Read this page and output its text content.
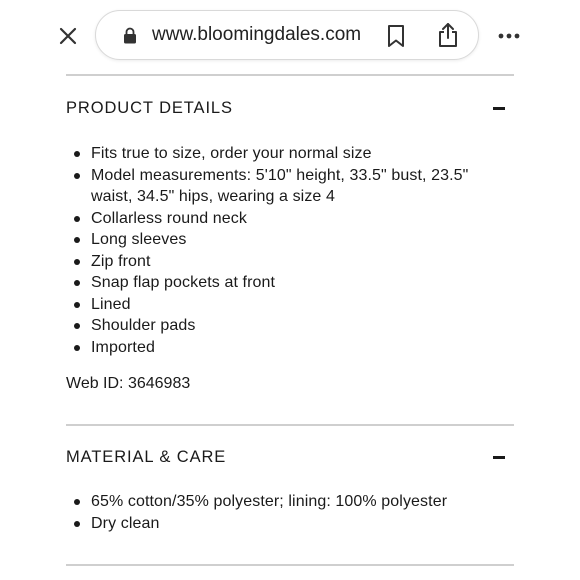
www.bloomingdales.com
PRODUCT DETAILS
Fits true to size, order your normal size
Model measurements: 5'10" height, 33.5" bust, 23.5" waist, 34.5" hips, wearing a size 4
Collarless round neck
Long sleeves
Zip front
Snap flap pockets at front
Lined
Shoulder pads
Imported
Web ID: 3646983
MATERIAL & CARE
65% cotton/35% polyester; lining: 100% polyester
Dry clean
